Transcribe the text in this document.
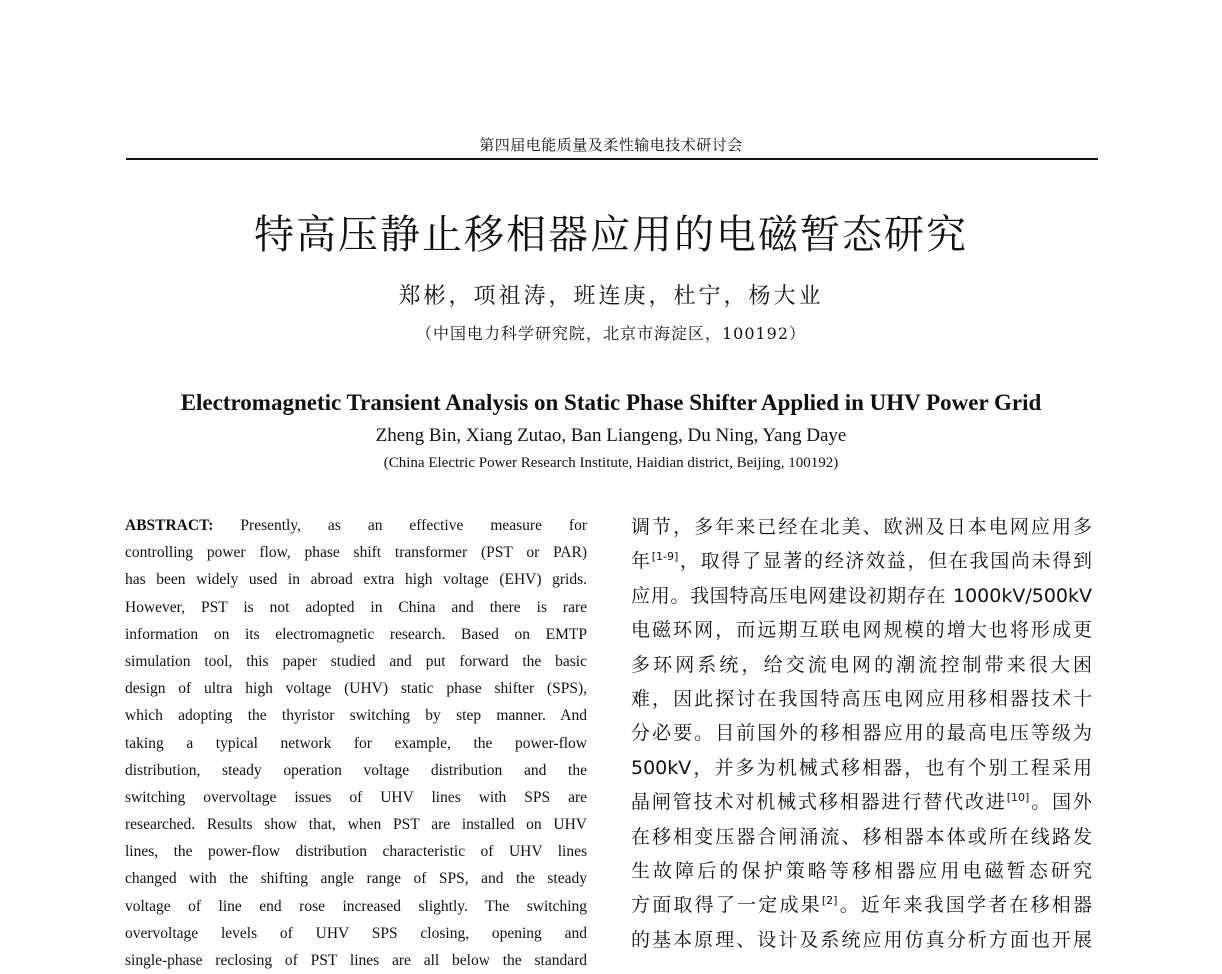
第四届电能质量及柔性输电技术研讨会
特高压静止移相器应用的电磁暂态研究
郑彬，项祖涛，班连庚，杜宁，杨大业
（中国电力科学研究院，北京市海淀区，100192）
Electromagnetic Transient Analysis on Static Phase Shifter Applied in UHV Power Grid
Zheng Bin, Xiang Zutao, Ban Liangeng, Du Ning, Yang Daye
(China Electric Power Research Institute, Haidian district, Beijing, 100192)
ABSTRACT: Presently, as an effective measure for
controlling power flow, phase shift transformer (PST or PAR)
has been widely used in abroad extra high voltage (EHV) grids.
However, PST is not adopted in China and there is rare
information on its electromagnetic research. Based on EMTP
simulation tool, this paper studied and put forward the basic
design of ultra high voltage (UHV) static phase shifter (SPS),
which adopting the thyristor switching by step manner. And
taking a typical network for example, the power-flow
distribution, steady operation voltage distribution and the
switching overvoltage issues of UHV lines with SPS are
researched. Results show that, when PST are installed on UHV
lines, the power-flow distribution characteristic of UHV lines
changed with the shifting angle range of SPS, and the steady
voltage of line end rose increased slightly. The switching
overvoltage levels of UHV SPS closing, opening and
single-phase reclosing of PST lines are all below the standard
调节，多年来已经在北美、欧洲及日本电网应用多
年[1-9]，取得了显著的经济效益，但在我国尚未得到
应用。我国特高压电网建设初期存在 1000kV/500kV
电磁环网，而远期互联电网规模的增大也将形成更
多环网系统，给交流电网的潮流控制带来很大困
难，因此探讨在我国特高压电网应用移相器技术十
分必要。目前国外的移相器应用的最高电压等级为
500kV，并多为机械式移相器，也有个别工程采用
晶闸管技术对机械式移相器进行替代改进[10]。国外
在移相变压器合闸涌流、移相器本体或所在线路发
生故障后的保护策略等移相器应用电磁暂态研究
方面取得了一定成果[2]。近年来我国学者在移相器
的基本原理、设计及系统应用仿真分析方面也开展
